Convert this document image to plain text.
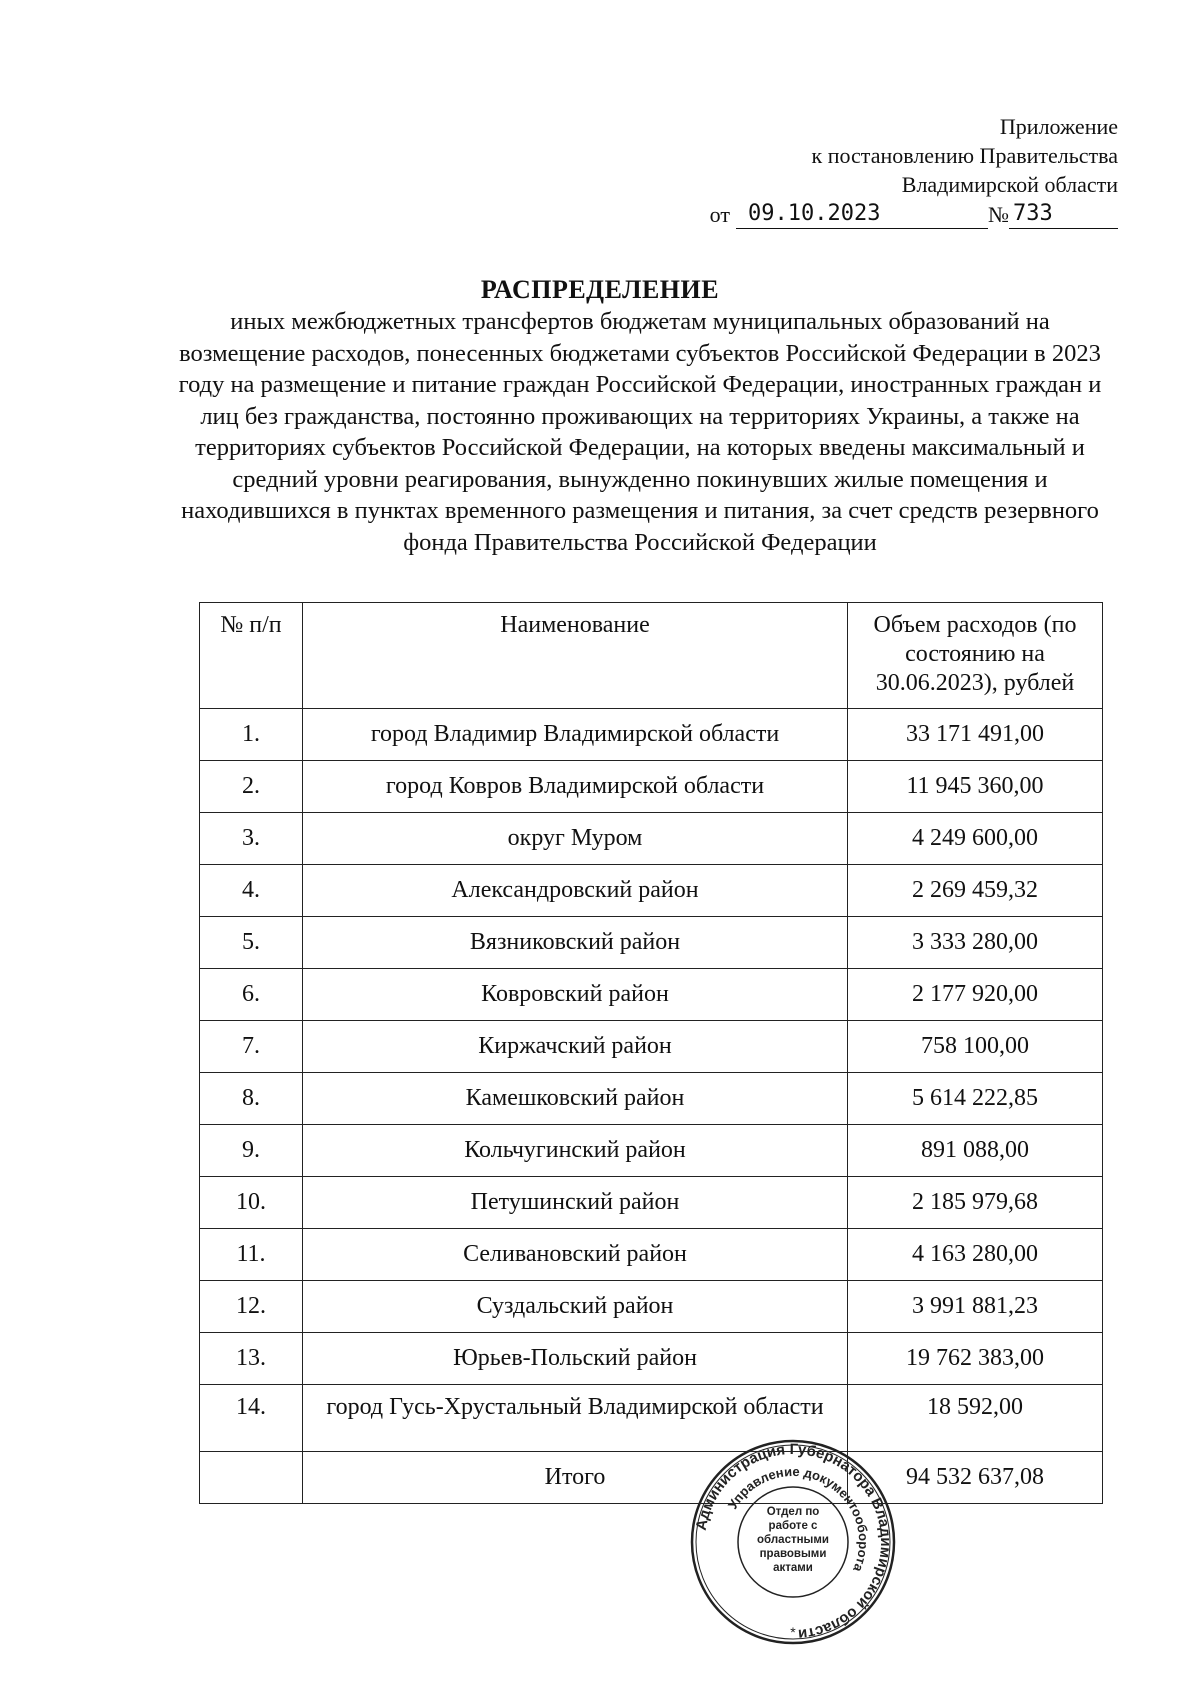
Приложение
к постановлению Правительства
Владимирской области
от 09.10.2023	№ 733
РАСПРЕДЕЛЕНИЕ
иных межбюджетных трансфертов бюджетам муниципальных образований на возмещение расходов, понесенных бюджетами субъектов Российской Федерации в 2023 году на размещение и питание граждан Российской Федерации, иностранных граждан и лиц без гражданства, постоянно проживающих на территориях Украины, а также на территориях субъектов Российской Федерации, на которых введены максимальный и средний уровни реагирования, вынужденно покинувших жилые помещения и находившихся в пунктах временного размещения и питания, за счет средств резервного фонда Правительства Российской Федерации
№ п/п	Наименование	Объем расходов (по состоянию на 30.06.2023), рублей
1.	город Владимир Владимирской области	33 171 491,00
2.	город Ковров Владимирской области	11 945 360,00
3.	округ Муром	4 249 600,00
4.	Александровский район	2 269 459,32
5.	Вязниковский район	3 333 280,00
6.	Ковровский район	2 177 920,00
7.	Киржачский район	758 100,00
8.	Камешковский район	5 614 222,85
9.	Кольчугинский район	891 088,00
10.	Петушинский район	2 185 979,68
11.	Селивановский район	4 163 280,00
12.	Суздальский район	3 991 881,23
13.	Юрьев-Польский район	19 762 383,00
14.	город Гусь-Хрустальный Владимирской области	18 592,00
	Итого	94 532 637,08
Администрация Губернатора Владимирской области
Управление документооборота
Отдел по работе с областными правовыми актами
*
